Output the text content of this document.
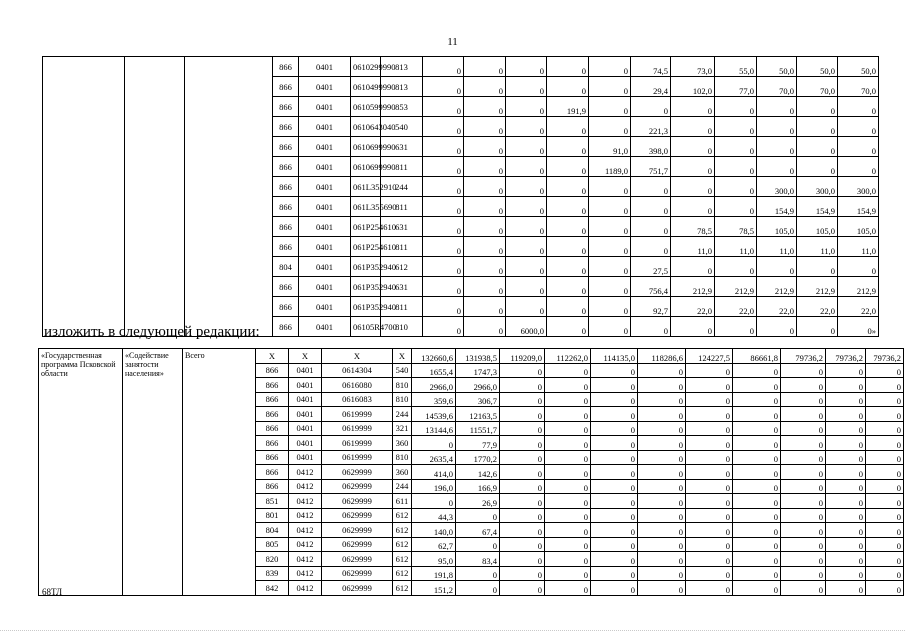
11
			866	0401	0610299990	813	0	0	0	0	0	74,5	73,0	55,0	50,0	50,0	50,0
			866	0401	0610499990	813	0	0	0	0	0	29,4	102,0	77,0	70,0	70,0	70,0
			866	0401	0610599990	853	0	0	0	191,9	0	0	0	0	0	0	0
			866	0401	0610643040	540	0	0	0	0	0	221,3	0	0	0	0	0
			866	0401	0610699990	631	0	0	0	0	91,0	398,0	0	0	0	0	0
			866	0401	0610699990	811	0	0	0	0	1189,0	751,7	0	0	0	0	0
			866	0401	061L352910	244	0	0	0	0	0	0	0	0	300,0	300,0	300,0
			866	0401	061L355690	811	0	0	0	0	0	0	0	0	154,9	154,9	154,9
			866	0401	061P254610	631	0	0	0	0	0	0	78,5	78,5	105,0	105,0	105,0
			866	0401	061P254610	811	0	0	0	0	0	0	11,0	11,0	11,0	11,0	11,0
			804	0401	061P352940	612	0	0	0	0	0	27,5	0	0	0	0	0
			866	0401	061P352940	631	0	0	0	0	0	756,4	212,9	212,9	212,9	212,9	212,9
			866	0401	061P352940	811	0	0	0	0	0	92,7	22,0	22,0	22,0	22,0	22,0
			866	0401	06105R4700	810	0	0	6000,0	0	0	0	0	0	0	0	0»
изложить в следующей редакции:
«Государственная программа Псковской области	«Содействие занятости населения»	Всего	X	X	X	X	132660,6	131938,5	119209,0	112262,0	114135,0	118286,6	124227,5	86661,8	79736,2	79736,2	79736,2
			866	0401	0614304	540	1655,4	1747,3	0	0	0	0	0	0	0	0	0
			866	0401	0616080	810	2966,0	2966,0	0	0	0	0	0	0	0	0	0
			866	0401	0616083	810	359,6	306,7	0	0	0	0	0	0	0	0	0
			866	0401	0619999	244	14539,6	12163,5	0	0	0	0	0	0	0	0	0
			866	0401	0619999	321	13144,6	11551,7	0	0	0	0	0	0	0	0	0
			866	0401	0619999	360	0	77,9	0	0	0	0	0	0	0	0	0
			866	0401	0619999	810	2635,4	1770,2	0	0	0	0	0	0	0	0	0
			866	0412	0629999	360	414,0	142,6	0	0	0	0	0	0	0	0	0
			866	0412	0629999	244	196,0	166,9	0	0	0	0	0	0	0	0	0
			851	0412	0629999	611	0	26,9	0	0	0	0	0	0	0	0	0
			801	0412	0629999	612	44,3	0	0	0	0	0	0	0	0	0	0
			804	0412	0629999	612	140,0	67,4	0	0	0	0	0	0	0	0	0
			805	0412	0629999	612	62,7	0	0	0	0	0	0	0	0	0	0
			820	0412	0629999	612	95,0	83,4	0	0	0	0	0	0	0	0	0
			839	0412	0629999	612	191,8	0	0	0	0	0	0	0	0	0	0
			842	0412	0629999	612	151,2	0	0	0	0	0	0	0	0	0	0
68ТЛ
